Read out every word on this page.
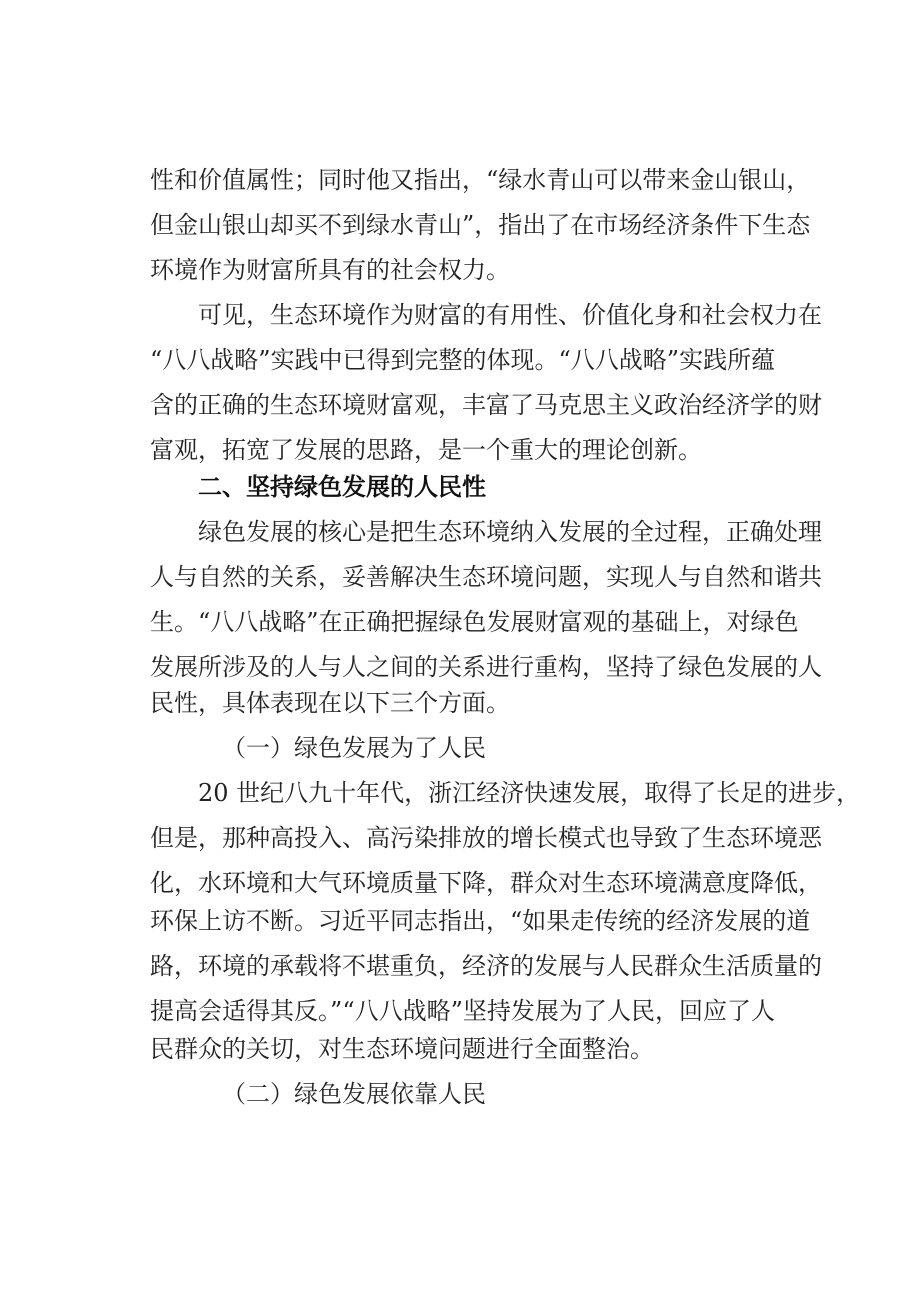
性和价值属性；同时他又指出，“绿水青山可以带来金山银山，
但金山银山却买不到绿水青山”，指出了在市场经济条件下生态
环境作为财富所具有的社会权力。
可见，生态环境作为财富的有用性、价值化身和社会权力在
“八八战略”实践中已得到完整的体现。“八八战略”实践所蕴
含的正确的生态环境财富观，丰富了马克思主义政治经济学的财
富观，拓宽了发展的思路，是一个重大的理论创新。
二、坚持绿色发展的人民性
绿色发展的核心是把生态环境纳入发展的全过程，正确处理
人与自然的关系，妥善解决生态环境问题，实现人与自然和谐共
生。“八八战略”在正确把握绿色发展财富观的基础上，对绿色
发展所涉及的人与人之间的关系进行重构，坚持了绿色发展的人
民性，具体表现在以下三个方面。
（一）绿色发展为了人民
20 世纪八九十年代，浙江经济快速发展，取得了长足的进步，
但是，那种高投入、高污染排放的增长模式也导致了生态环境恶
化，水环境和大气环境质量下降，群众对生态环境满意度降低，
环保上访不断。习近平同志指出，“如果走传统的经济发展的道
路，环境的承载将不堪重负，经济的发展与人民群众生活质量的
提高会适得其反。”“八八战略”坚持发展为了人民，回应了人
民群众的关切，对生态环境问题进行全面整治。
（二）绿色发展依靠人民
